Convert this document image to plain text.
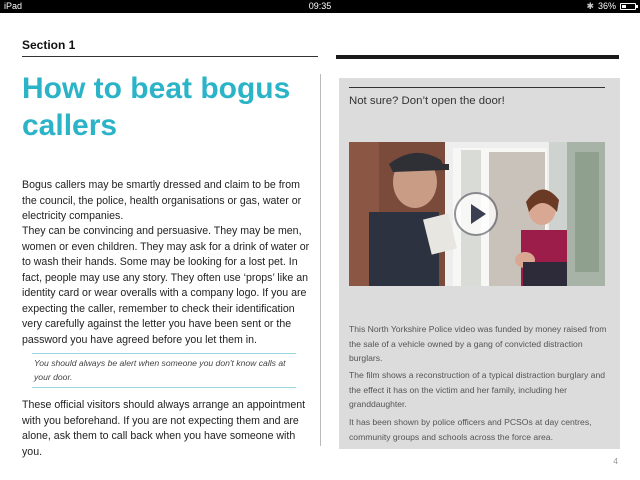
iPad	09:35	✱ 36%
Section 1
How to beat bogus callers

Bogus callers may be smartly dressed and claim to be from the council, the police, health organisations or gas, water or electricity companies.

They can be convincing and persuasive. They may be men, women or even children. They may ask for a drink of water or to wash their hands. Some may be looking for a lost pet. In fact, people may use any story. They often use ‘props’ like an identity card or wear overalls with a company logo. If you are expecting the caller, remember to check their identification very carefully against the letter you have been sent or the password you have agreed before you let them in.

You should always be alert when someone you don't know calls at your door.

These official visitors should always arrange an appointment with you beforehand. If you are not expecting them and are alone, ask them to call back when you have someone with you.

Not sure? Don’t open the door!

This North Yorkshire Police video was funded by money raised from the sale of a vehicle owned by a gang of convicted distraction burglars.

The film shows a reconstruction of a typical distraction burglary and the effect it has on the victim and her family, including her granddaughter.

It has been shown by police officers and PCSOs at day centres, community groups and schools across the force area.

4
